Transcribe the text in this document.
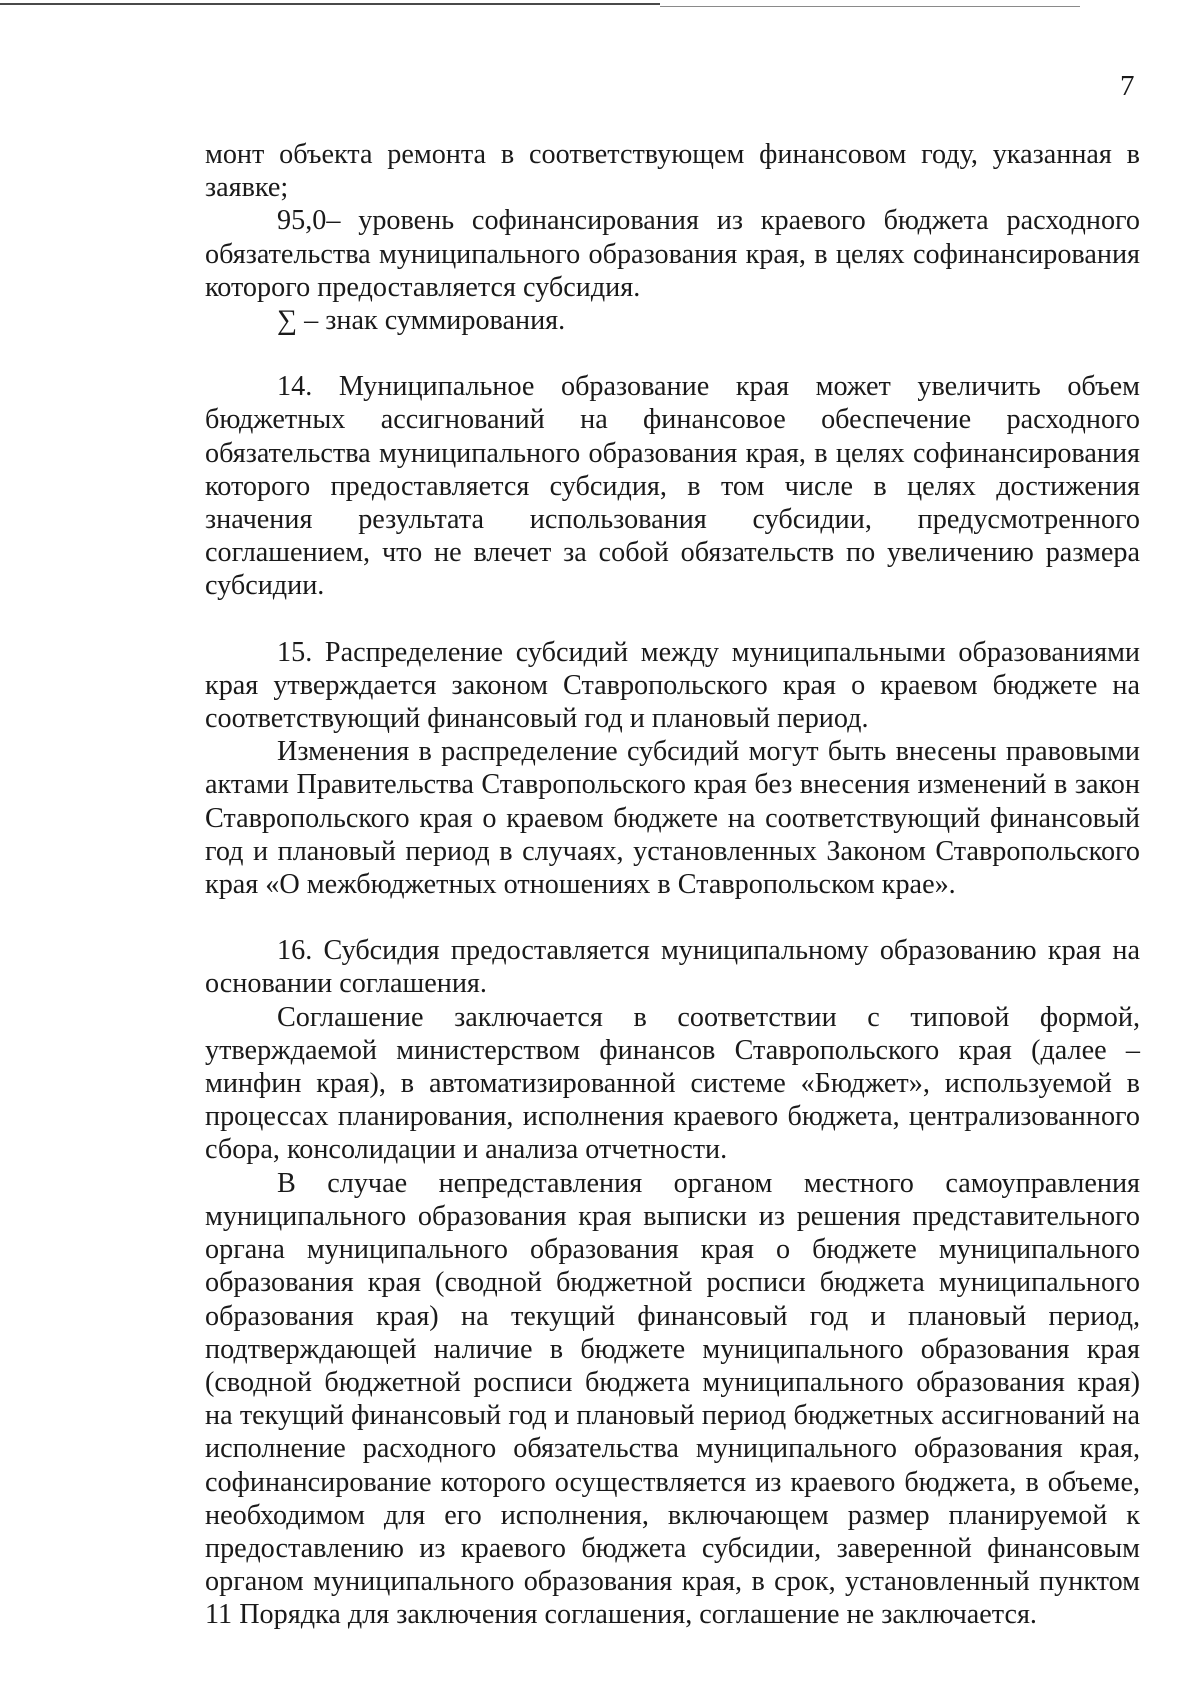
7

монт объекта ремонта в соответствующем финансовом году, указанная в заявке;

95,0– уровень софинансирования из краевого бюджета расходного обязательства муниципального образования края, в целях софинансирования которого предоставляется субсидия.

∑ – знак суммирования.

14. Муниципальное образование края может увеличить объем бюджетных ассигнований на финансовое обеспечение расходного обязательства муниципального образования края, в целях софинансирования которого предоставляется субсидия, в том числе в целях достижения значения результата использования субсидии, предусмотренного соглашением, что не влечет за собой обязательств по увеличению размера субсидии.

15. Распределение субсидий между муниципальными образованиями края утверждается законом Ставропольского края о краевом бюджете на соответствующий финансовый год и плановый период.

Изменения в распределение субсидий могут быть внесены правовыми актами Правительства Ставропольского края без внесения изменений в закон Ставропольского края о краевом бюджете на соответствующий финансовый год и плановый период в случаях, установленных Законом Ставропольского края «О межбюджетных отношениях в Ставропольском крае».

16. Субсидия предоставляется муниципальному образованию края на основании соглашения.

Соглашение заключается в соответствии с типовой формой, утверждаемой министерством финансов Ставропольского края (далее – минфин края), в автоматизированной системе «Бюджет», используемой в процессах планирования, исполнения краевого бюджета, централизованного сбора, консолидации и анализа отчетности.

В случае непредставления органом местного самоуправления муниципального образования края выписки из решения представительного органа муниципального образования края о бюджете муниципального образования края (сводной бюджетной росписи бюджета муниципального образования края) на текущий финансовый год и плановый период, подтверждающей наличие в бюджете муниципального образования края (сводной бюджетной росписи бюджета муниципального образования края) на текущий финансовый год и плановый период бюджетных ассигнований на исполнение расходного обязательства муниципального образования края, софинансирование которого осуществляется из краевого бюджета, в объеме, необходимом для его исполнения, включающем размер планируемой к предоставлению из краевого бюджета субсидии, заверенной финансовым органом муниципального образования края, в срок, установленный пунктом 11 Порядка для заключения соглашения, соглашение не заключается.
